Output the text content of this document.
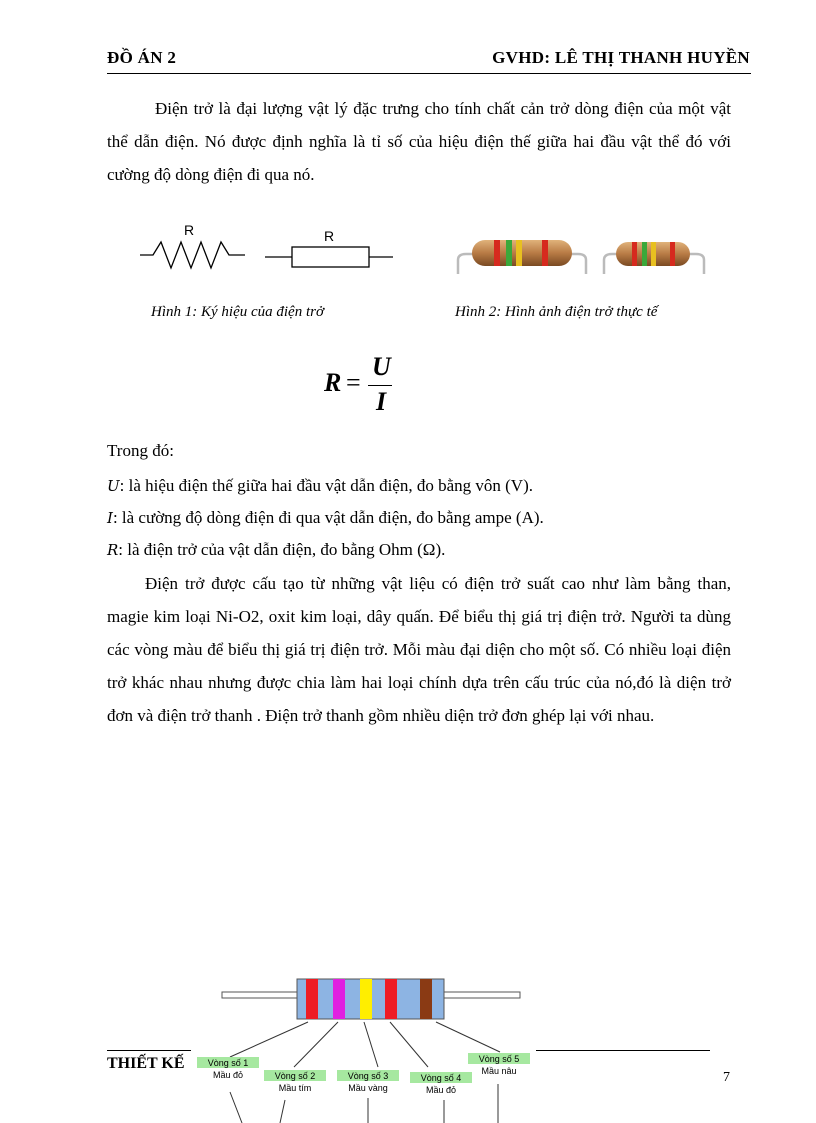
ĐỒ ÁN 2	GVHD: LÊ THỊ THANH HUYỀN

Điện trở là đại lượng vật lý đặc trưng cho tính chất cản trở dòng điện của một vật thể dẫn điện. Nó được định nghĩa là tỉ số của hiệu điện thế giữa hai đầu vật thể đó với cường độ dòng điện đi qua nó.

R	R
Hình 1: Ký hiệu của điện trở	Hình 2: Hình ảnh điện trở thực tế
R =
U
I

Trong đó:

U: là hiệu điện thế giữa hai đầu vật dẫn điện, đo bằng vôn (V).

I: là cường độ dòng điện đi qua vật dẫn điện, đo bằng ampe (A).

R: là điện trở của vật dẫn điện, đo bằng Ohm (Ω).

Điện trở được cấu tạo từ những vật liệu có điện trở suất cao như làm bằng than, magie kim loại Ni-O2, oxit kim loại, dây quấn. Để biểu thị giá trị điện trở. Người ta dùng các vòng màu để biểu thị giá trị điện trở. Mỗi màu đại diện cho một số. Có nhiều loại điện trở khác nhau nhưng được chia làm hai loại chính dựa trên cấu trúc của nó,đó là diện trở đơn và điện trở thanh . Điện trở thanh gồm nhiều diện trở đơn ghép lại với nhau.

THIẾT KẾ
7
Vòng số 1
Mầu đỏ	Vòng số 2
Mầu tím
Vòng số 3
Mầu vàng
Vòng số 4
Mầu đỏ
Vòng số 5
Mầu nâu
